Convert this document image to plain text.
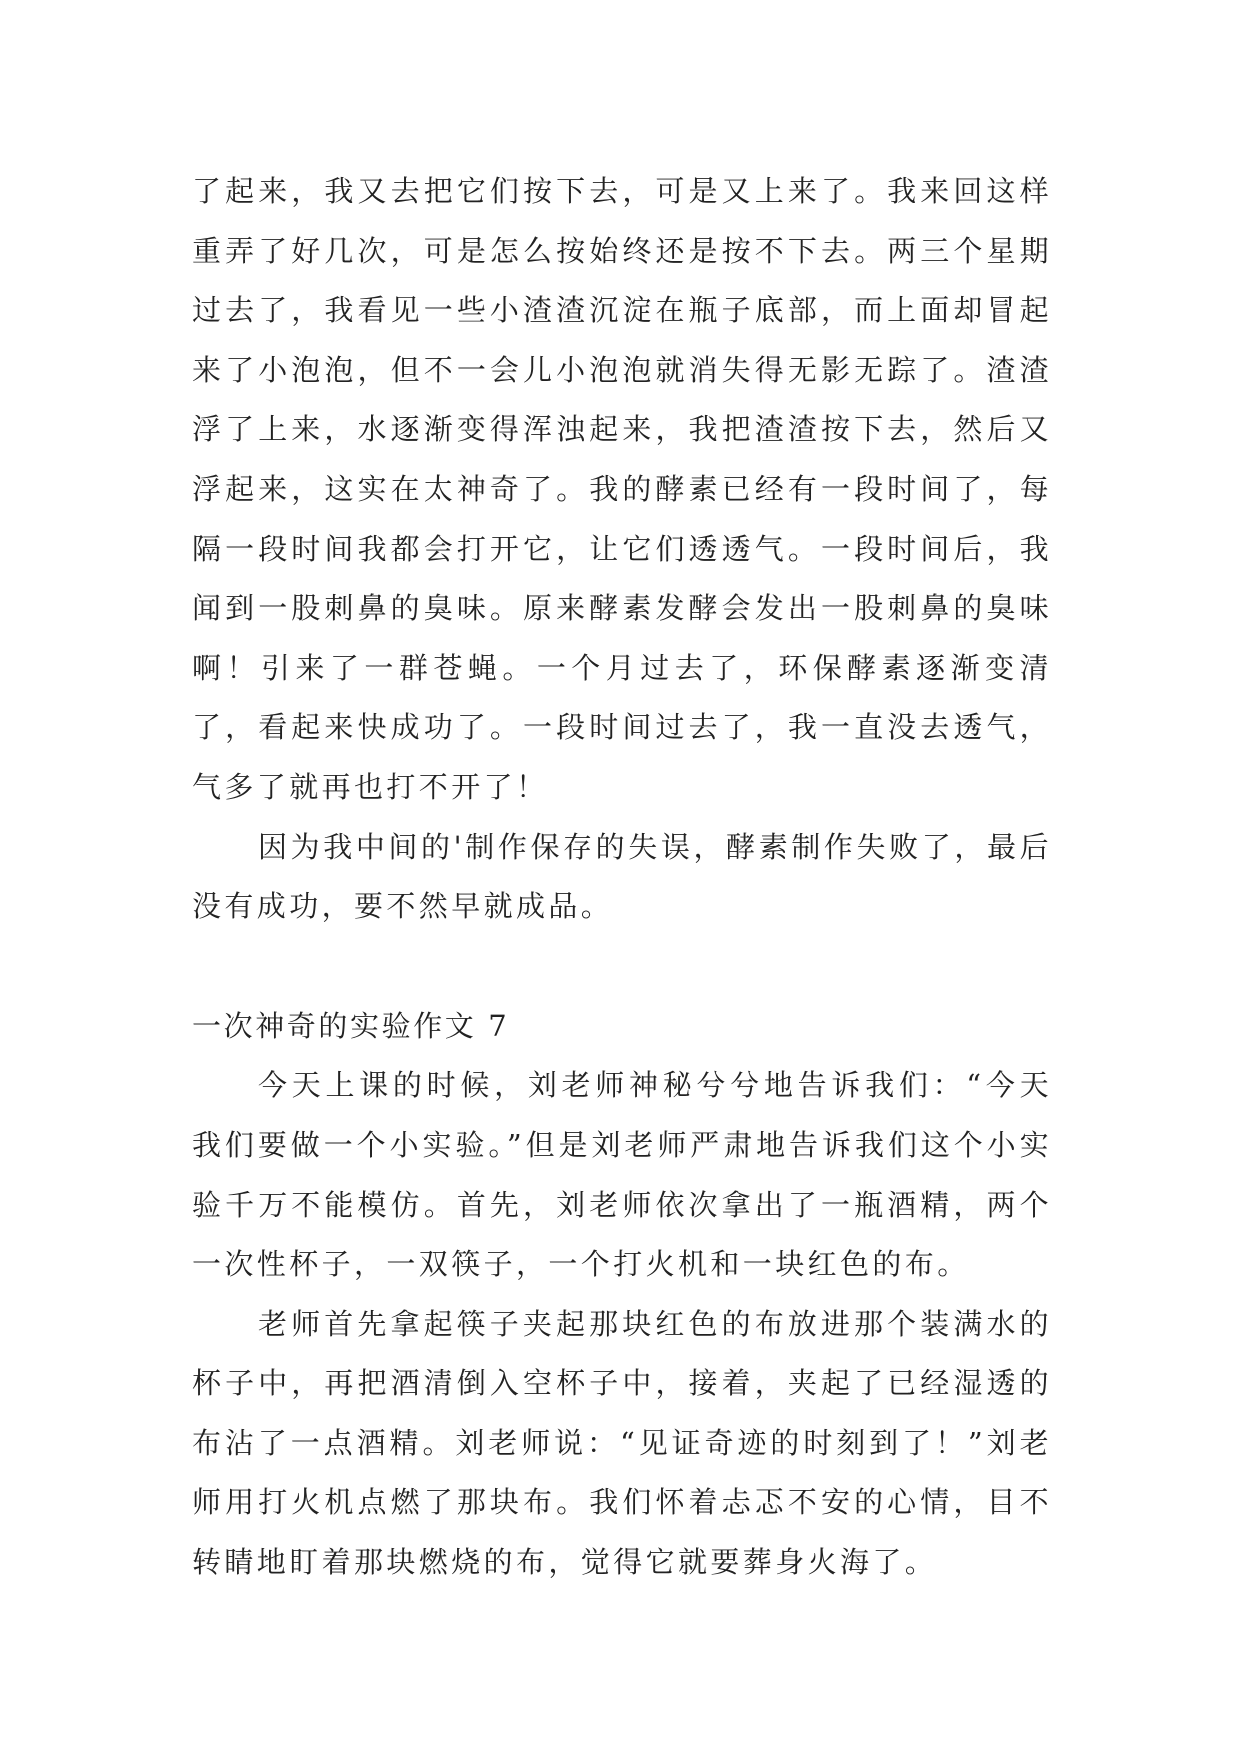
了起来，我又去把它们按下去，可是又上来了。我来回这样重弄了好几次，可是怎么按始终还是按不下去。两三个星期过去了，我看见一些小渣渣沉淀在瓶子底部，而上面却冒起来了小泡泡，但不一会儿小泡泡就消失得无影无踪了。渣渣浮了上来，水逐渐变得浑浊起来，我把渣渣按下去，然后又浮起来，这实在太神奇了。我的酵素已经有一段时间了，每隔一段时间我都会打开它，让它们透透气。一段时间后，我闻到一股刺鼻的臭味。原来酵素发酵会发出一股刺鼻的臭味啊！引来了一群苍蝇。一个月过去了，环保酵素逐渐变清了，看起来快成功了。一段时间过去了，我一直没去透气，气多了就再也打不开了！

因为我中间的'制作保存的失误，酵素制作失败了，最后没有成功，要不然早就成品。

一次神奇的实验作文 7

今天上课的时候，刘老师神秘兮兮地告诉我们：“今天我们要做一个小实验。”但是刘老师严肃地告诉我们这个小实验千万不能模仿。首先，刘老师依次拿出了一瓶酒精，两个一次性杯子，一双筷子，一个打火机和一块红色的布。

老师首先拿起筷子夹起那块红色的布放进那个装满水的杯子中，再把酒清倒入空杯子中，接着，夹起了已经湿透的布沾了一点酒精。刘老师说：“见证奇迹的时刻到了！”刘老师用打火机点燃了那块布。我们怀着忐忑不安的心情，目不转睛地盯着那块燃烧的布，觉得它就要葬身火海了。
